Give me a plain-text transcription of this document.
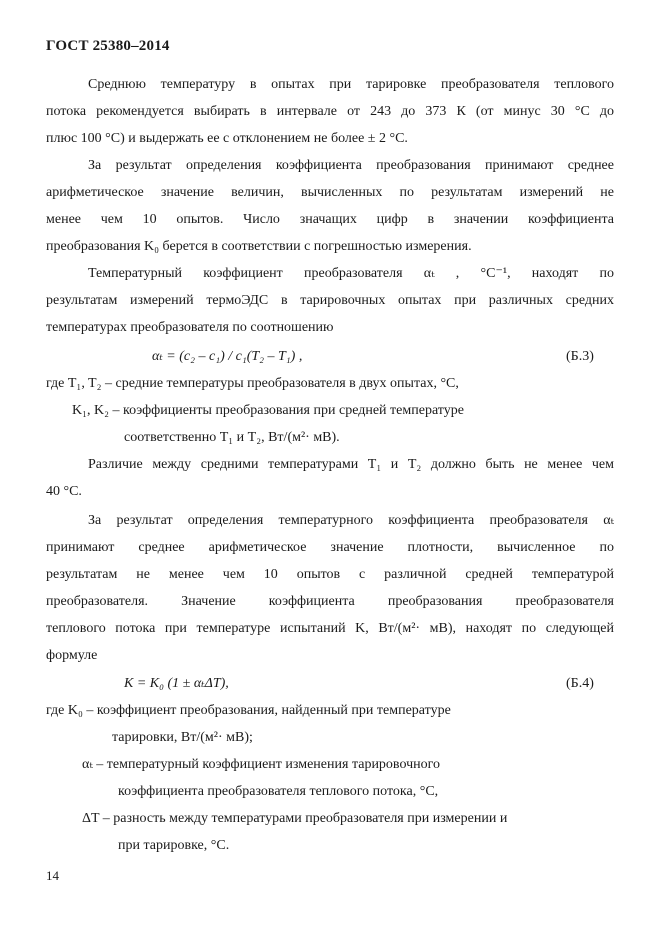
ГОСТ 25380–2014
Среднюю температуру в опытах при тарировке преобразователя теплового
потока рекомендуется выбирать в интервале от 243 до 373 К (от минус 30 °С до
плюс 100 °С) и выдержать ее с отклонением не более ± 2 °С.
За результат определения коэффициента преобразования принимают среднее
арифметическое значение величин, вычисленных по результатам измерений не
менее чем 10 опытов. Число значащих цифр в значении коэффициента
преобразования K₀ берется в соответствии с погрешностью измерения.
Температурный коэффициент преобразователя αₜ , °С⁻¹, находят по
результатам измерений термоЭДС в тарировочных опытах при различных средних
температурах преобразователя по соотношению
αₜ = (c₂ – c₁) / c₁(T₂ – T₁) ,	(Б.3)
где T₁, T₂ – средние температуры преобразователя в двух опытах, °С,
K₁, K₂ – коэффициенты преобразования при средней температуре
соответственно T₁ и T₂, Вт/(м²· мВ).
Различие между средними температурами T₁ и T₂ должно быть не менее чем
40 °С.
За результат определения температурного коэффициента преобразователя αₜ
принимают среднее арифметическое значение плотности, вычисленное по
результатам не менее чем 10 опытов с различной средней температурой
преобразователя. Значение коэффициента преобразования преобразователя
теплового потока при температуре испытаний K, Вт/(м²· мВ), находят по следующей
формуле
K = K₀ (1 ± αₜΔT),	(Б.4)
где K₀ – коэффициент преобразования, найденный при температуре
тарировки, Вт/(м²· мВ);
αₜ – температурный коэффициент изменения тарировочного
коэффициента преобразователя теплового потока, °С,
ΔT – разность между температурами преобразователя при измерении и
при тарировке, °С.
14
